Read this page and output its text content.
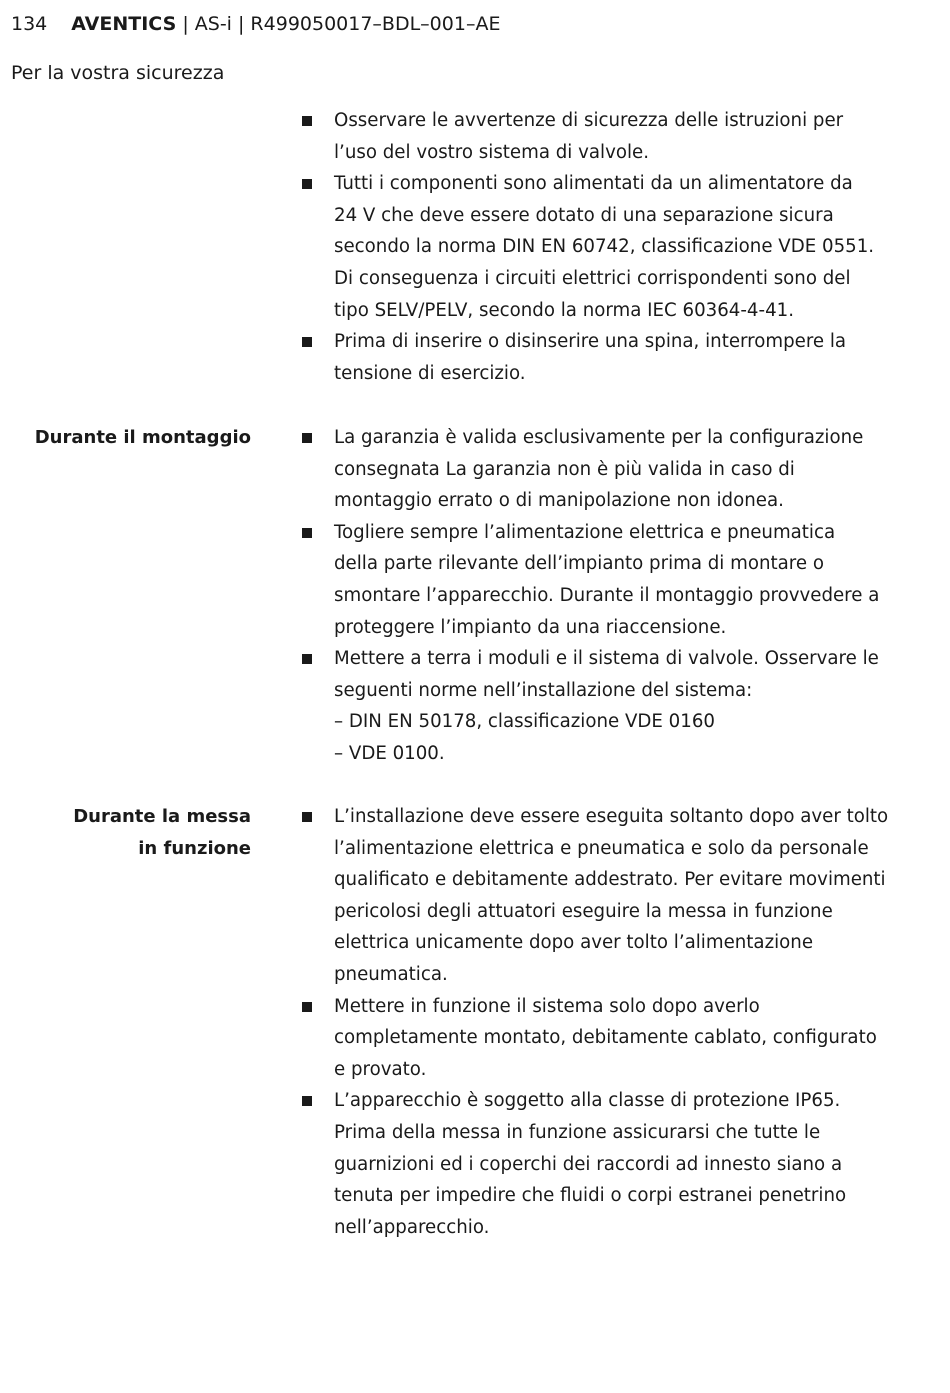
134 AVENTICS | AS-i | R499050017–BDL–001–AE
Per la vostra sicurezza
Osservare le avvertenze di sicurezza delle istruzioni per
l’uso del vostro sistema di valvole.
Tutti i componenti sono alimentati da un alimentatore da
24 V che deve essere dotato di una separazione sicura
secondo la norma DIN EN 60742, classificazione VDE 0551.
Di conseguenza i circuiti elettrici corrispondenti sono del
tipo SELV/PELV, secondo la norma IEC 60364-4-41.
Prima di inserire o disinserire una spina, interrompere la
tensione di esercizio.
Durante il montaggio	La garanzia è valida esclusivamente per la configurazione
consegnata La garanzia non è più valida in caso di
montaggio errato o di manipolazione non idonea.
Togliere sempre l’alimentazione elettrica e pneumatica
della parte rilevante dell’impianto prima di montare o
smontare l’apparecchio. Durante il montaggio provvedere a
proteggere l’impianto da una riaccensione.
Mettere a terra i moduli e il sistema di valvole. Osservare le
seguenti norme nell’installazione del sistema:
– DIN EN 50178, classificazione VDE 0160
– VDE 0100.
Durante la messa
in funzione
L’installazione deve essere eseguita soltanto dopo aver tolto
l’alimentazione elettrica e pneumatica e solo da personale
qualificato e debitamente addestrato. Per evitare movimenti
pericolosi degli attuatori eseguire la messa in funzione
elettrica unicamente dopo aver tolto l’alimentazione
pneumatica.
Mettere in funzione il sistema solo dopo averlo
completamente montato, debitamente cablato, configurato
e provato.
L’apparecchio è soggetto alla classe di protezione IP65.
Prima della messa in funzione assicurarsi che tutte le
guarnizioni ed i coperchi dei raccordi ad innesto siano a
tenuta per impedire che fluidi o corpi estranei penetrino
nell’apparecchio.
